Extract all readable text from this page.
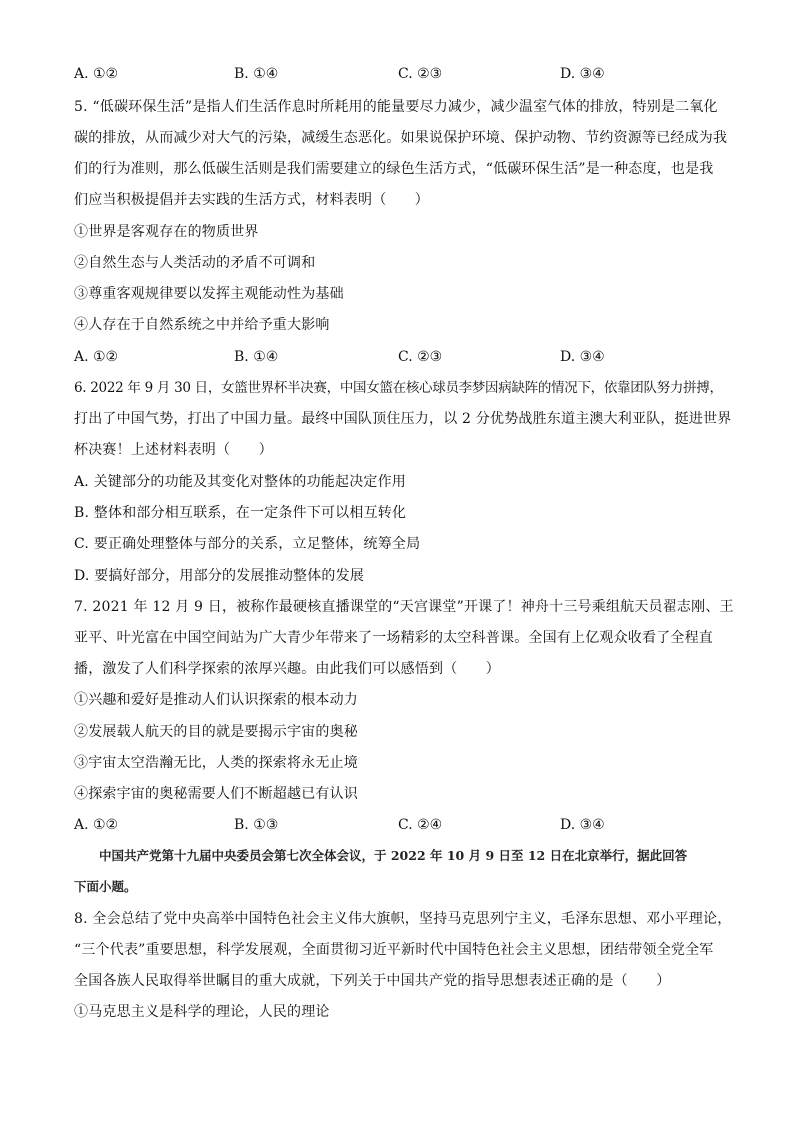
A. ①②	B. ①④	C. ②③	D. ③④
5. “低碳环保生活”是指人们生活作息时所耗用的能量要尽力减少，减少温室气体的排放，特别是二氧化
碳的排放，从而减少对大气的污染，减缓生态恶化。如果说保护环境、保护动物、节约资源等已经成为我
们的行为准则，那么低碳生活则是我们需要建立的绿色生活方式，“低碳环保生活”是一种态度，也是我
们应当积极提倡并去实践的生活方式，材料表明（　　）
①世界是客观存在的物质世界
②自然生态与人类活动的矛盾不可调和
③尊重客观规律要以发挥主观能动性为基础
④人存在于自然系统之中并给予重大影响
A. ①②	B. ①④	C. ②③	D. ③④
6. 2022 年 9 月 30 日，女篮世界杯半决赛，中国女篮在核心球员李梦因病缺阵的情况下，依靠团队努力拼搏，
打出了中国气势，打出了中国力量。最终中国队顶住压力，以 2 分优势战胜东道主澳大利亚队，挺进世界
杯决赛！上述材料表明（　　）
A. 关键部分的功能及其变化对整体的功能起决定作用
B. 整体和部分相互联系，在一定条件下可以相互转化
C. 要正确处理整体与部分的关系，立足整体，统筹全局
D. 要搞好部分，用部分的发展推动整体的发展
7. 2021 年 12 月 9 日，被称作最硬核直播课堂的“天宫课堂”开课了！神舟十三号乘组航天员翟志刚、王
亚平、叶光富在中国空间站为广大青少年带来了一场精彩的太空科普课。全国有上亿观众收看了全程直
播，激发了人们科学探索的浓厚兴趣。由此我们可以感悟到（　　）
①兴趣和爱好是推动人们认识探索的根本动力
②发展载人航天的目的就是要揭示宇宙的奥秘
③宇宙太空浩瀚无比，人类的探索将永无止境
④探索宇宙的奥秘需要人们不断超越已有认识
A. ①②	B. ①③	C. ②④	D. ③④
　　中国共产党第十九届中央委员会第七次全体会议，于 2022 年 10 月 9 日至 12 日在北京举行，据此回答
下面小题。
8. 全会总结了党中央高举中国特色社会主义伟大旗帜，坚持马克思列宁主义，毛泽东思想、邓小平理论，
“三个代表”重要思想，科学发展观，全面贯彻习近平新时代中国特色社会主义思想，团结带领全党全军
全国各族人民取得举世瞩目的重大成就，下列关于中国共产党的指导思想表述正确的是（　　）
①马克思主义是科学的理论，人民的理论
